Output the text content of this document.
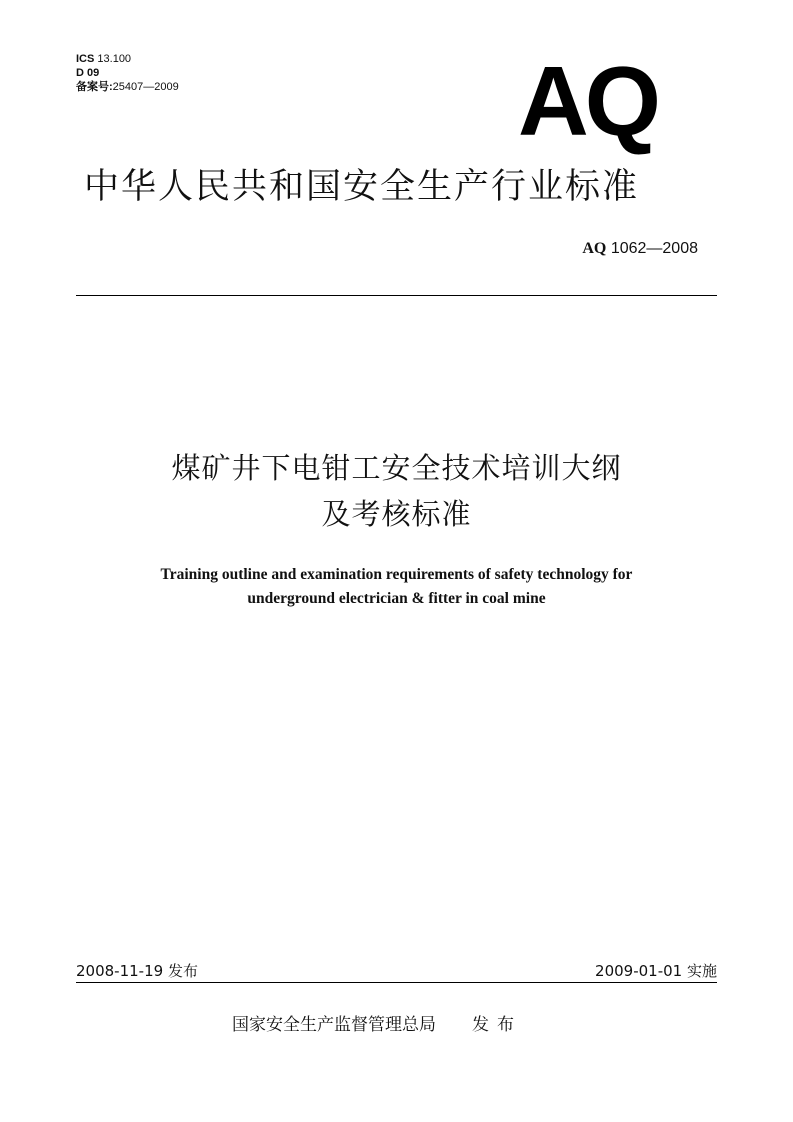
ICS 13.100
D 09
备案号:25407—2009	AQ
中华人民共和国安全生产行业标准
AQ 1062—2008
煤矿井下电钳工安全技术培训大纲
及考核标准
Training outline and examination requirements of safety technology for
underground electrician & fitter in coal mine
2008-11-19 发布	2009-01-01 实施
国家安全生产监督管理总局 发布
